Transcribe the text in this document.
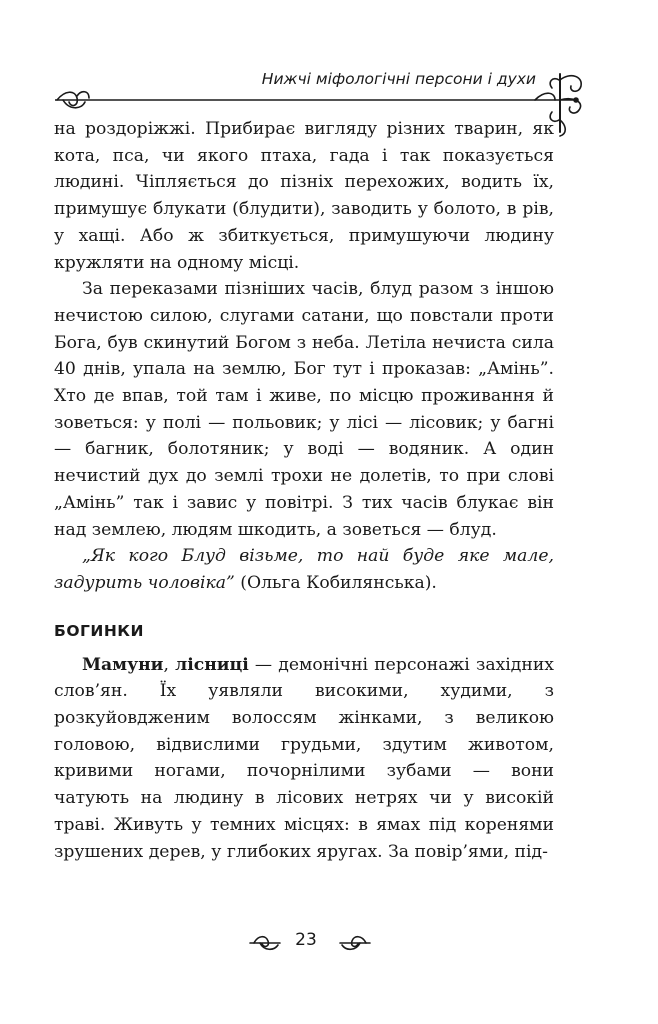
Нижчі міфологічні персони і духи

на роздоріжжі. Прибирає вигляду різних тварин, як кота, пса, чи якого птаха, гада і так показується людині. Чіпляється до пізніх перехожих, водить їх, примушує блукати (блудити), заводить у болото, в рів, у хащі. Або ж збиткується, примушуючи людину кружляти на одному місці.

За переказами пізніших часів, блуд разом з іншою нечистою силою, слугами сатани, що повстали проти Бога, був скинутий Богом з неба. Летіла нечиста сила 40 днів, упала на землю, Бог тут і проказав: „Амінь”. Хто де впав, той там і живе, по місцю проживання й зоветься: у полі — польовик; у лісі — лісовик; у багні — багник, болотяник; у воді — водяник. А один нечистий дух до землі трохи не долетів, то при слові „Амінь” так і завис у повітрі. З тих часів блукає він над землею, людям шкодить, а зоветься — блуд.

„Як кого Блуд візьме, то най буде яке мале, задурить чоловіка” (Ольга Кобилянська).

БОГИНКИ

Мамуни, лісниці — демонічні персонажі західних слов’ян. Їх уявляли високими, худими, з розкуйовдженим волоссям жінками, з великою головою, відвислими грудьми, здутим животом, кривими ногами, почорнілими зубами — вони чатують на людину в лісових нетрях чи у високій траві. Живуть у темних місцях: в ямах під коренями зрушених дерев, у глибоких яругах. За повір’ями, під-

23
